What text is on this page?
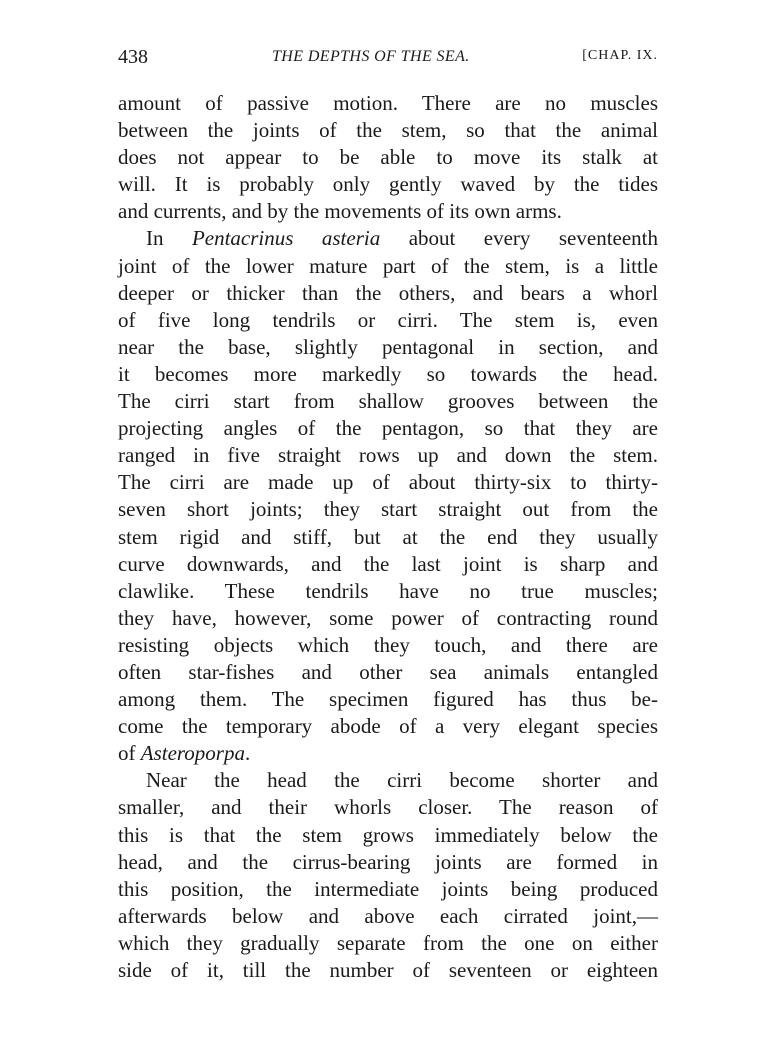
438	THE DEPTHS OF THE SEA.	[CHAP. IX.

amount of passive motion. There are no muscles
between the joints of the stem, so that the animal
does not appear to be able to move its stalk at
will. It is probably only gently waved by the tides
and currents, and by the movements of its own arms.

In Pentacrinus asteria about every seventeenth
joint of the lower mature part of the stem, is a little
deeper or thicker than the others, and bears a whorl
of five long tendrils or cirri. The stem is, even
near the base, slightly pentagonal in section, and
it becomes more markedly so towards the head.
The cirri start from shallow grooves between the
projecting angles of the pentagon, so that they are
ranged in five straight rows up and down the stem.
The cirri are made up of about thirty-six to thirty-
seven short joints; they start straight out from the
stem rigid and stiff, but at the end they usually
curve downwards, and the last joint is sharp and
clawlike. These tendrils have no true muscles;
they have, however, some power of contracting round
resisting objects which they touch, and there are
often star-fishes and other sea animals entangled
among them. The specimen figured has thus be-
come the temporary abode of a very elegant species
of Asteroporpa.

Near the head the cirri become shorter and
smaller, and their whorls closer. The reason of
this is that the stem grows immediately below the
head, and the cirrus-bearing joints are formed in
this position, the intermediate joints being produced
afterwards below and above each cirrated joint,—
which they gradually separate from the one on either
side of it, till the number of seventeen or eighteen
